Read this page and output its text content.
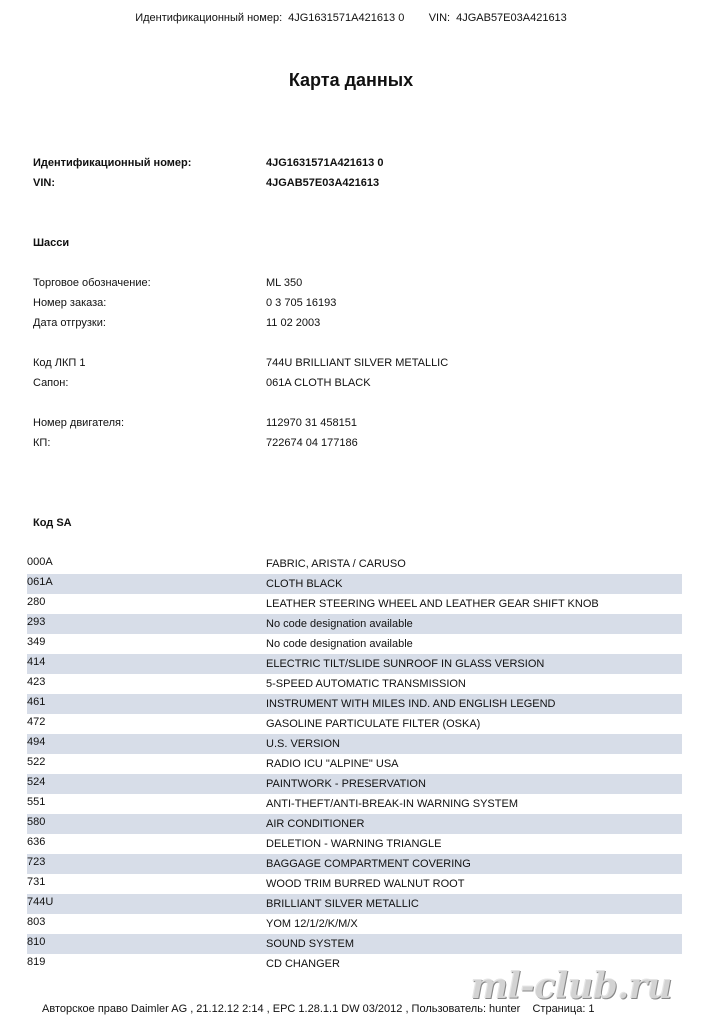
Идентификационный номер: 4JG1631571A421613 0 VIN: 4JGAB57E03A421613
Карта данных
Идентификационный номер:	4JG1631571A421613 0
VIN:	4JGAB57E03A421613
Шасси
Торговое обозначение:	ML 350
Номер заказа:	0 3 705 16193
Дата отгрузки:	11 02 2003
Код ЛКП 1	744U BRILLIANT SILVER METALLIC
Сапон:	061A CLOTH BLACK
Номер двигателя:	112970 31 458151
КП:	722674 04 177186
Код SA
000A	FABRIC, ARISTA / CARUSO
061A	CLOTH BLACK
280	LEATHER STEERING WHEEL AND LEATHER GEAR SHIFT KNOB
293	No code designation available
349	No code designation available
414	ELECTRIC TILT/SLIDE SUNROOF IN GLASS VERSION
423	5-SPEED AUTOMATIC TRANSMISSION
461	INSTRUMENT WITH MILES IND. AND ENGLISH LEGEND
472	GASOLINE PARTICULATE FILTER (OSKA)
494	U.S. VERSION
522	RADIO ICU "ALPINE" USA
524	PAINTWORK - PRESERVATION
551	ANTI-THEFT/ANTI-BREAK-IN WARNING SYSTEM
580	AIR CONDITIONER
636	DELETION - WARNING TRIANGLE
723	BAGGAGE COMPARTMENT COVERING
731	WOOD TRIM BURRED WALNUT ROOT
744U	BRILLIANT SILVER METALLIC
803	YOM 12/1/2/K/M/X
810	SOUND SYSTEM
819	CD CHANGER
Авторское право Daimler AG , 21.12.12 2:14 , EPC 1.28.1.1 DW 03/2012 , Пользователь: hunter    Страница: 1
ml-club.ru
